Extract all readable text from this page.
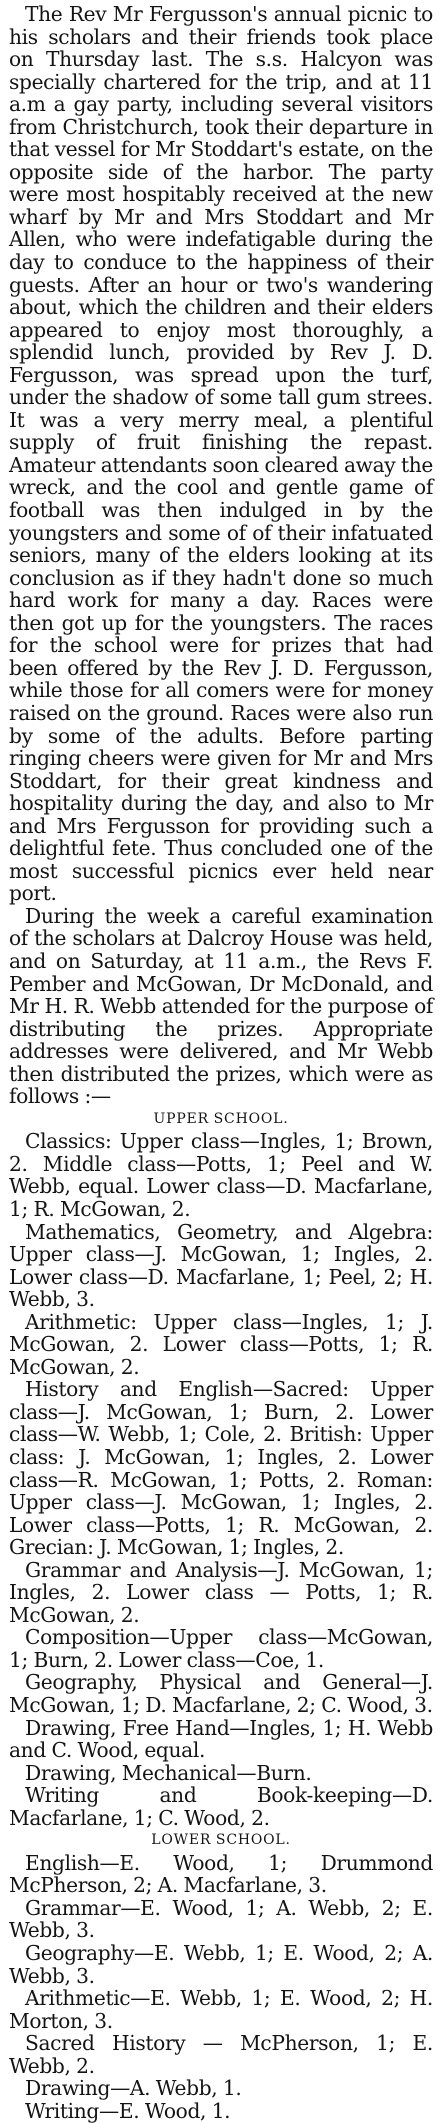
The Rev Mr Fergusson's annual picnic to his scholars and their friends took place on Thursday last. The s.s. Halcyon was specially chartered for the trip, and at 11 a.m a gay party, including several visitors from Christchurch, took their departure in that vessel for Mr Stoddart's estate, on the opposite side of the harbor. The party were most hospitably received at the new wharf by Mr and Mrs Stoddart and Mr Allen, who were indefatigable during the day to conduce to the happiness of their guests. After an hour or two's wandering about, which the children and their elders appeared to enjoy most thoroughly, a splendid lunch, provided by Rev J. D. Fergusson, was spread upon the turf, under the shadow of some tall gum strees. It was a very merry meal, a plentiful supply of fruit finishing the repast. Amateur attendants soon cleared away the wreck, and the cool and gentle game of football was then indulged in by the youngsters and some of of their infatuated seniors, many of the elders looking at its conclusion as if they hadn't done so much hard work for many a day. Races were then got up for the youngsters. The races for the school were for prizes that had been offered by the Rev J. D. Fergusson, while those for all comers were for money raised on the ground. Races were also run by some of the adults. Before parting ringing cheers were given for Mr and Mrs Stoddart, for their great kindness and hospitality during the day, and also to Mr and Mrs Fergusson for providing such a delightful fete. Thus concluded one of the most successful picnics ever held near port.

During the week a careful examination of the scholars at Dalcroy House was held, and on Saturday, at 11 a.m., the Revs F. Pember and McGowan, Dr McDonald, and Mr H. R. Webb attended for the purpose of distributing the prizes. Appropriate addresses were delivered, and Mr Webb then distributed the prizes, which were as follows :—

UPPER SCHOOL.

Classics: Upper class—Ingles, 1; Brown, 2. Middle class—Potts, 1; Peel and W. Webb, equal. Lower class—D. Macfarlane, 1; R. McGowan, 2.

Mathematics, Geometry, and Algebra: Upper class—J. McGowan, 1; Ingles, 2. Lower class—D. Macfarlane, 1; Peel, 2; H. Webb, 3.

Arithmetic: Upper class—Ingles, 1; J. McGowan, 2. Lower class—Potts, 1; R. McGowan, 2.

History and English—Sacred: Upper class—J. McGowan, 1; Burn, 2. Lower class—W. Webb, 1; Cole, 2. British: Upper class: J. McGowan, 1; Ingles, 2. Lower class—R. McGowan, 1; Potts, 2. Roman: Upper class—J. McGowan, 1; Ingles, 2. Lower class—Potts, 1; R. McGowan, 2. Grecian: J. McGowan, 1; Ingles, 2.

Grammar and Analysis—J. McGowan, 1; Ingles, 2. Lower class — Potts, 1; R. McGowan, 2.

Composition—Upper class—McGowan, 1; Burn, 2. Lower class—Coe, 1.

Geography, Physical and General—J. McGowan, 1; D. Macfarlane, 2; C. Wood, 3.

Drawing, Free Hand—Ingles, 1; H. Webb and C. Wood, equal.

Drawing, Mechanical—Burn.

Writing and Book-keeping—D. Macfarlane, 1; C. Wood, 2.

LOWER SCHOOL.

English—E. Wood, 1; Drummond McPherson, 2; A. Macfarlane, 3.

Grammar—E. Wood, 1; A. Webb, 2; E. Webb, 3.

Geography—E. Webb, 1; E. Wood, 2; A. Webb, 3.

Arithmetic—E. Webb, 1; E. Wood, 2; H. Morton, 3.

Sacred History — McPherson, 1; E. Webb, 2.

Drawing—A. Webb, 1.

Writing—E. Wood, 1.
